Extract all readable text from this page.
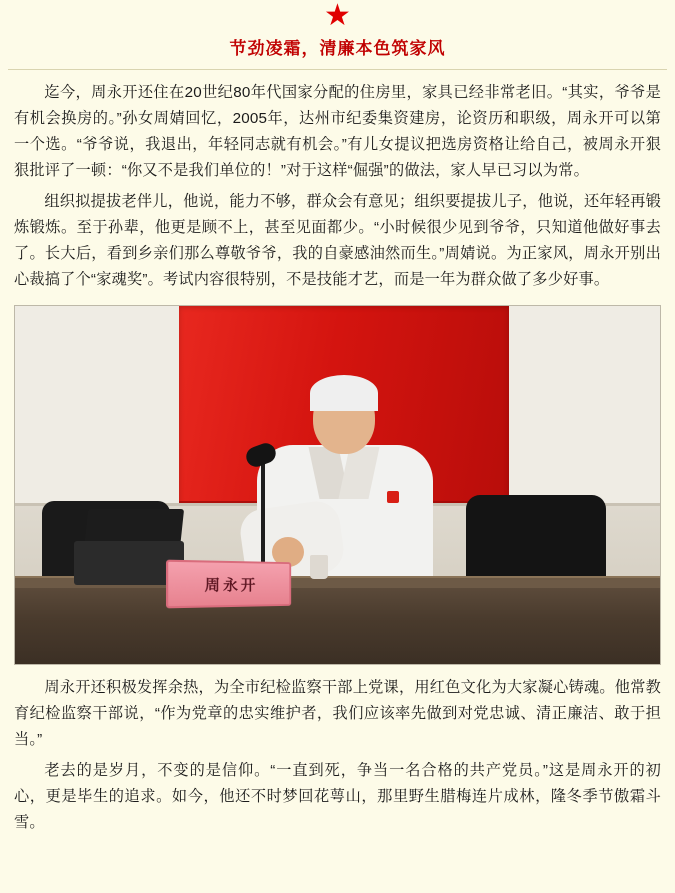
★
节劲凌霜，清廉本色筑家风

迄今，周永开还住在20世纪80年代国家分配的住房里，家具已经非常老旧。“其实，爷爷是有机会换房的。”孙女周婧回忆，2005年，达州市纪委集资建房，论资历和职级，周永开可以第一个选。“爷爷说，我退出，年轻同志就有机会。”有儿女提议把选房资格让给自己，被周永开狠狠批评了一顿：“你又不是我们单位的！”对于这样“倔强”的做法，家人早已习以为常。

组织拟提拔老伴儿，他说，能力不够，群众会有意见；组织要提拔儿子，他说，还年轻再锻炼锻炼。至于孙辈，他更是顾不上，甚至见面都少。“小时候很少见到爷爷，只知道他做好事去了。长大后，看到乡亲们那么尊敬爷爷，我的自豪感油然而生。”周婧说。为正家风，周永开别出心裁搞了个“家魂奖”。考试内容很特别，不是技能才艺，而是一年为群众做了多少好事。

周永开

周永开还积极发挥余热，为全市纪检监察干部上党课，用红色文化为大家凝心铸魂。他常教育纪检监察干部说，“作为党章的忠实维护者，我们应该率先做到对党忠诚、清正廉洁、敢于担当。”

老去的是岁月，不变的是信仰。“一直到死，争当一名合格的共产党员。”这是周永开的初心，更是毕生的追求。如今，他还不时梦回花萼山，那里野生腊梅连片成林，隆冬季节傲霜斗雪。
